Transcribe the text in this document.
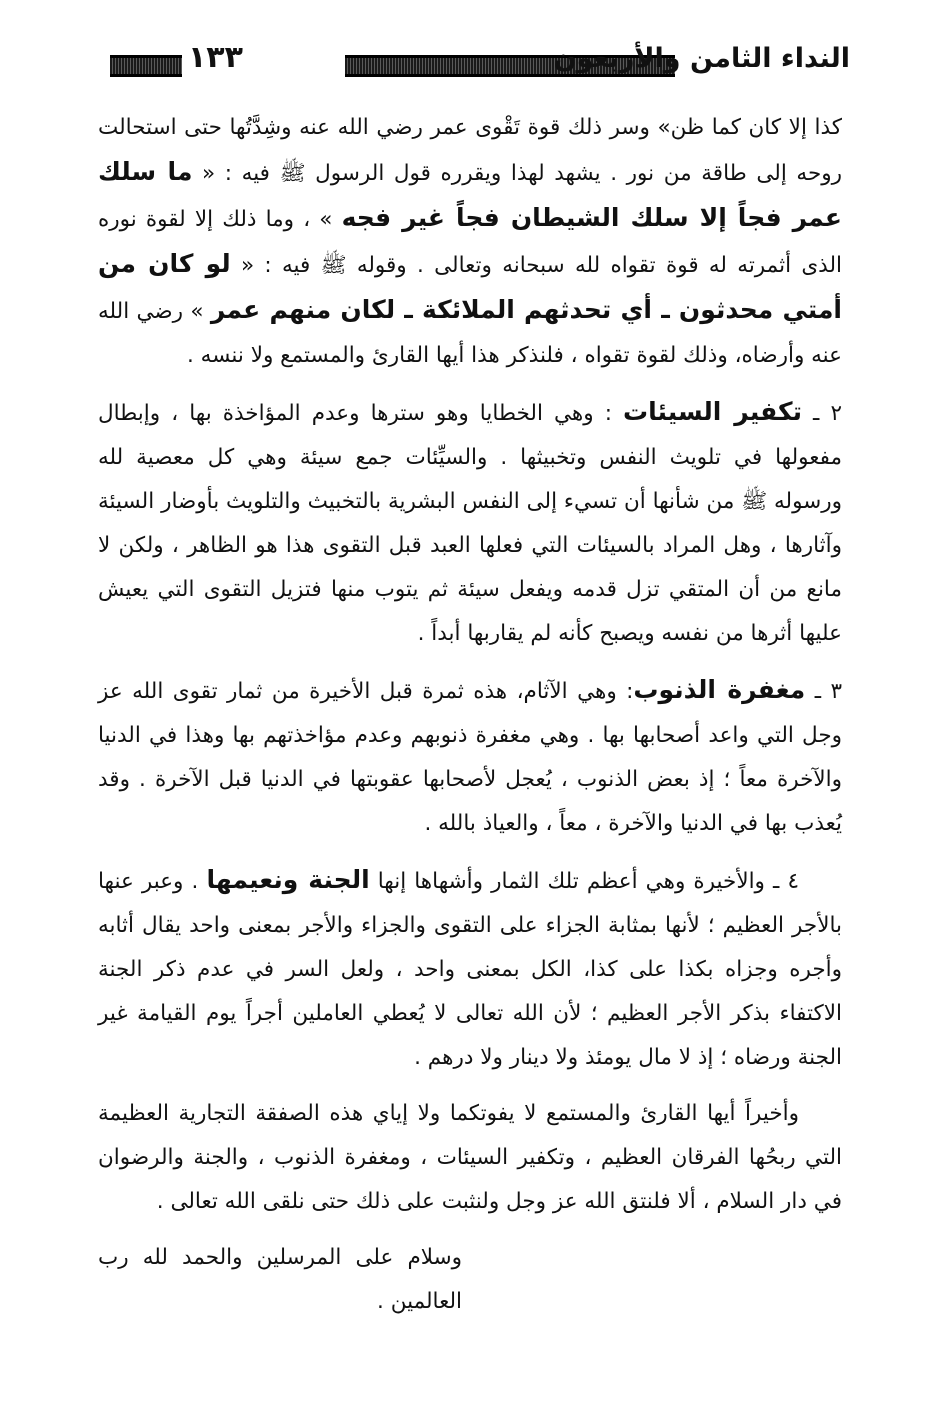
١٣٣	النداء الثامن والأربعون

كذا إلا كان كما ظن» وسر ذلك قوة تَقْوى عمر رضي الله عنه وشِدَّتُها حتى استحالت روحه إلى طاقة من نور . يشهد لهذا ويقرره قول الرسول ﷺ فيه : « ما سلك عمر فجاً إلا سلك الشيطان فجاً غير فجه » ، وما ذلك إلا لقوة نوره الذى أثمرته له قوة تقواه لله سبحانه وتعالى . وقوله ﷺ فيه : « لو كان من أمتي محدثون ـ أي تحدثهم الملائكة ـ لكان منهم عمر » رضي الله عنه وأرضاه، وذلك لقوة تقواه ، فلنذكر هذا أيها القارئ والمستمع ولا ننسه .

٢ ـ تكفير السيئات : وهي الخطايا وهو سترها وعدم المؤاخذة بها ، وإبطال مفعولها في تلويث النفس وتخبيثها . والسيِّئات جمع سيئة وهي كل معصية لله ورسوله ﷺ من شأنها أن تسيء إلى النفس البشرية بالتخبيث والتلويث بأوضار السيئة وآثارها ، وهل المراد بالسيئات التي فعلها العبد قبل التقوى هذا هو الظاهر ، ولكن لا مانع من أن المتقي تزل قدمه ويفعل سيئة ثم يتوب منها فتزيل التقوى التي يعيش عليها أثرها من نفسه ويصبح كأنه لم يقاربها أبداً .

٣ ـ مغفرة الذنوب: وهي الآثام، هذه ثمرة قبل الأخيرة من ثمار تقوى الله عز وجل التي واعد أصحابها بها . وهي مغفرة ذنوبهم وعدم مؤاخذتهم بها وهذا في الدنيا والآخرة معاً ؛ إذ بعض الذنوب ، يُعجل لأصحابها عقوبتها في الدنيا قبل الآخرة . وقد يُعذب بها في الدنيا والآخرة ، معاً ، والعياذ بالله .

٤ ـ والأخيرة وهي أعظم تلك الثمار وأشهاها إنها الجنة ونعيمها . وعبر عنها بالأجر العظيم ؛ لأنها بمثابة الجزاء على التقوى والجزاء والأجر بمعنى واحد يقال أثابه وأجره وجزاه بكذا على كذا، الكل بمعنى واحد ، ولعل السر في عدم ذكر الجنة الاكتفاء بذكر الأجر العظيم ؛ لأن الله تعالى لا يُعطي العاملين أجراً يوم القيامة غير الجنة ورضاه ؛ إذ لا مال يومئذ ولا دينار ولا درهم .

وأخيراً أيها القارئ والمستمع لا يفوتكما ولا إياي هذه الصفقة التجارية العظيمة التي ربحُها الفرقان العظيم ، وتكفير السيئات ، ومغفرة الذنوب ، والجنة والرضوان في دار السلام ، ألا فلنتق الله عز وجل ولنثبت على ذلك حتى نلقى الله تعالى .

وسلام على المرسلين والحمد لله رب العالمين .
